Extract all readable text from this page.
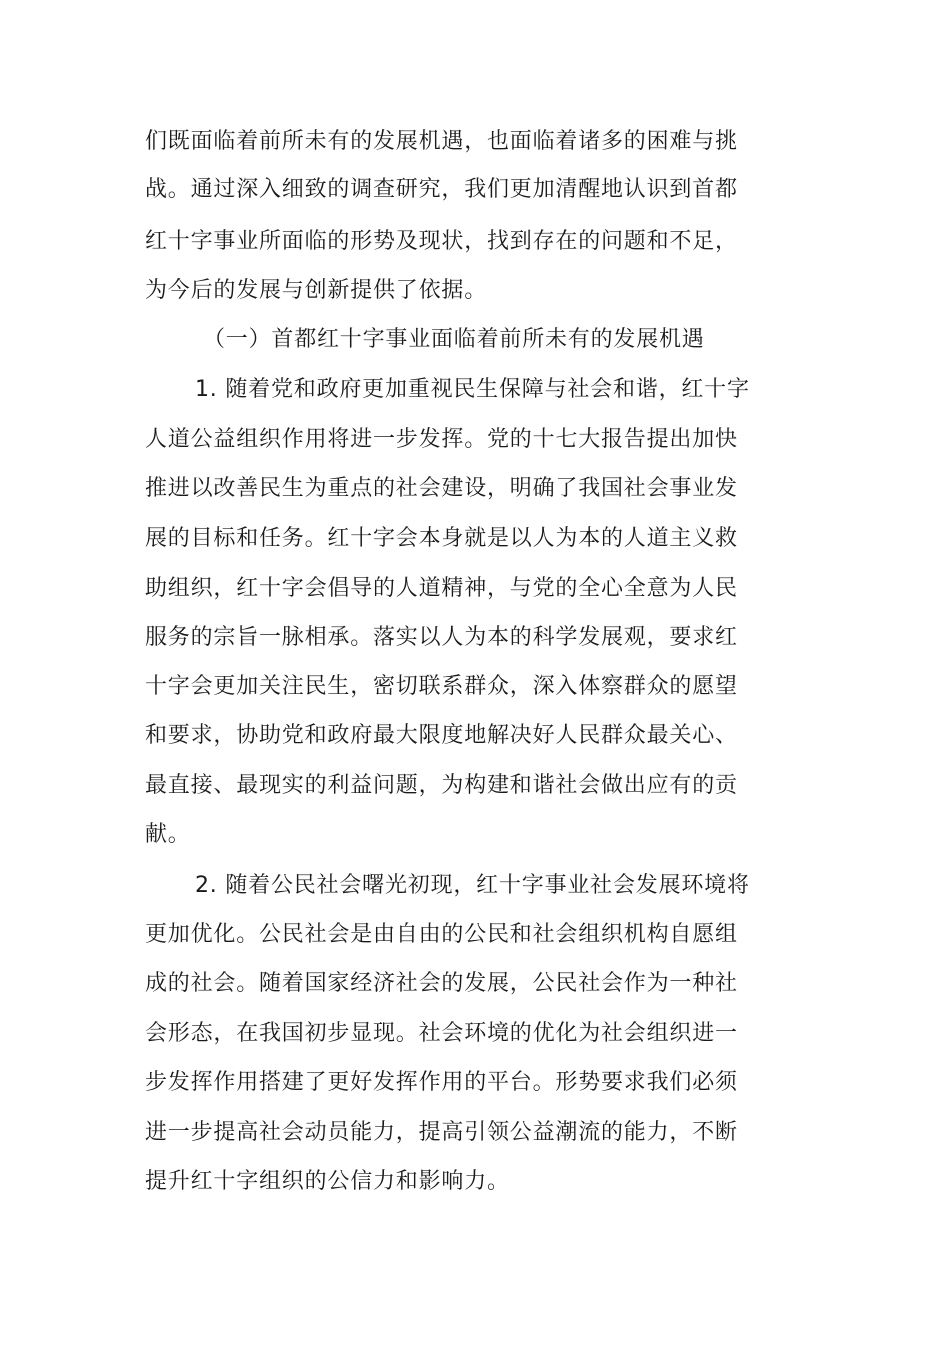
们既面临着前所未有的发展机遇，也面临着诸多的困难与挑

战。通过深入细致的调查研究，我们更加清醒地认识到首都

红十字事业所面临的形势及现状，找到存在的问题和不足，

为今后的发展与创新提供了依据。

（一）首都红十字事业面临着前所未有的发展机遇

1. 随着党和政府更加重视民生保障与社会和谐，红十字

人道公益组织作用将进一步发挥。党的十七大报告提出加快

推进以改善民生为重点的社会建设，明确了我国社会事业发

展的目标和任务。红十字会本身就是以人为本的人道主义救

助组织，红十字会倡导的人道精神，与党的全心全意为人民

服务的宗旨一脉相承。落实以人为本的科学发展观，要求红

十字会更加关注民生，密切联系群众，深入体察群众的愿望

和要求，协助党和政府最大限度地解决好人民群众最关心、

最直接、最现实的利益问题，为构建和谐社会做出应有的贡

献。

2. 随着公民社会曙光初现，红十字事业社会发展环境将

更加优化。公民社会是由自由的公民和社会组织机构自愿组

成的社会。随着国家经济社会的发展，公民社会作为一种社

会形态，在我国初步显现。社会环境的优化为社会组织进一

步发挥作用搭建了更好发挥作用的平台。形势要求我们必须

进一步提高社会动员能力，提高引领公益潮流的能力，不断

提升红十字组织的公信力和影响力。
